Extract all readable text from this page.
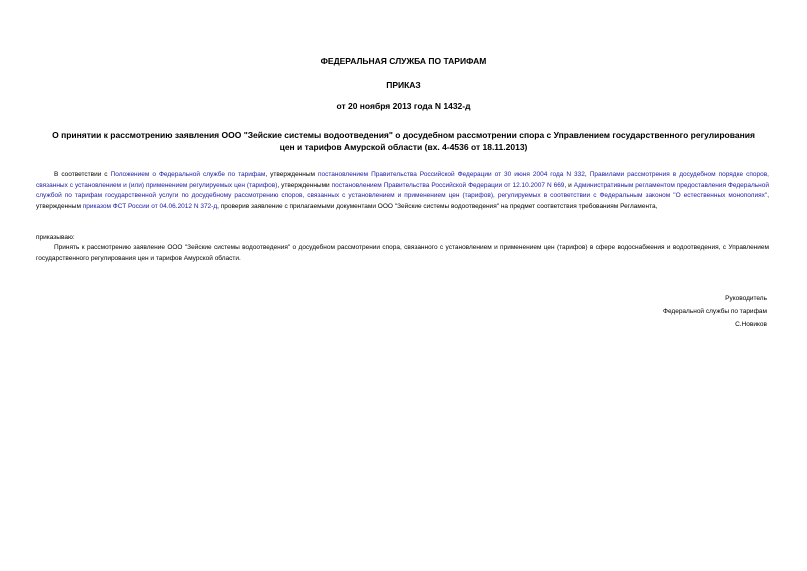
ФЕДЕРАЛЬНАЯ СЛУЖБА ПО ТАРИФАМ
ПРИКАЗ
от 20 ноября 2013 года N 1432-д
О принятии к рассмотрению заявления ООО "Зейские системы водоотведения" о досудебном рассмотрении спора с Управлением государственного регулирования цен и тарифов Амурской области (вх. 4-4536 от 18.11.2013)
В соответствии с Положением о Федеральной службе по тарифам, утвержденным постановлением Правительства Российской Федерации от 30 июня 2004 года N 332, Правилами рассмотрения в досудебном порядке споров, связанных с установлением и (или) применением регулируемых цен (тарифов), утвержденными постановлением Правительства Российской Федерации от 12.10.2007 N 669, и Административным регламентом предоставления Федеральной службой по тарифам государственной услуги по досудебному рассмотрению споров, связанных с установлением и применением цен (тарифов), регулируемых в соответствии с Федеральным законом "О естественных монополиях", утвержденным приказом ФСТ России от 04.06.2012 N 372-д, проверив заявление с прилагаемыми документами ООО "Зейские системы водоотведения" на предмет соответствия требованиям Регламента,
приказываю:
Принять к рассмотрению заявление ООО "Зейские системы водоотведения" о досудебном рассмотрении спора, связанного с установлением и применением цен (тарифов) в сфере водоснабжения и водоотведения, с Управлением государственного регулирования цен и тарифов Амурской области.
Руководитель
Федеральной службы по тарифам
С.Новиков
